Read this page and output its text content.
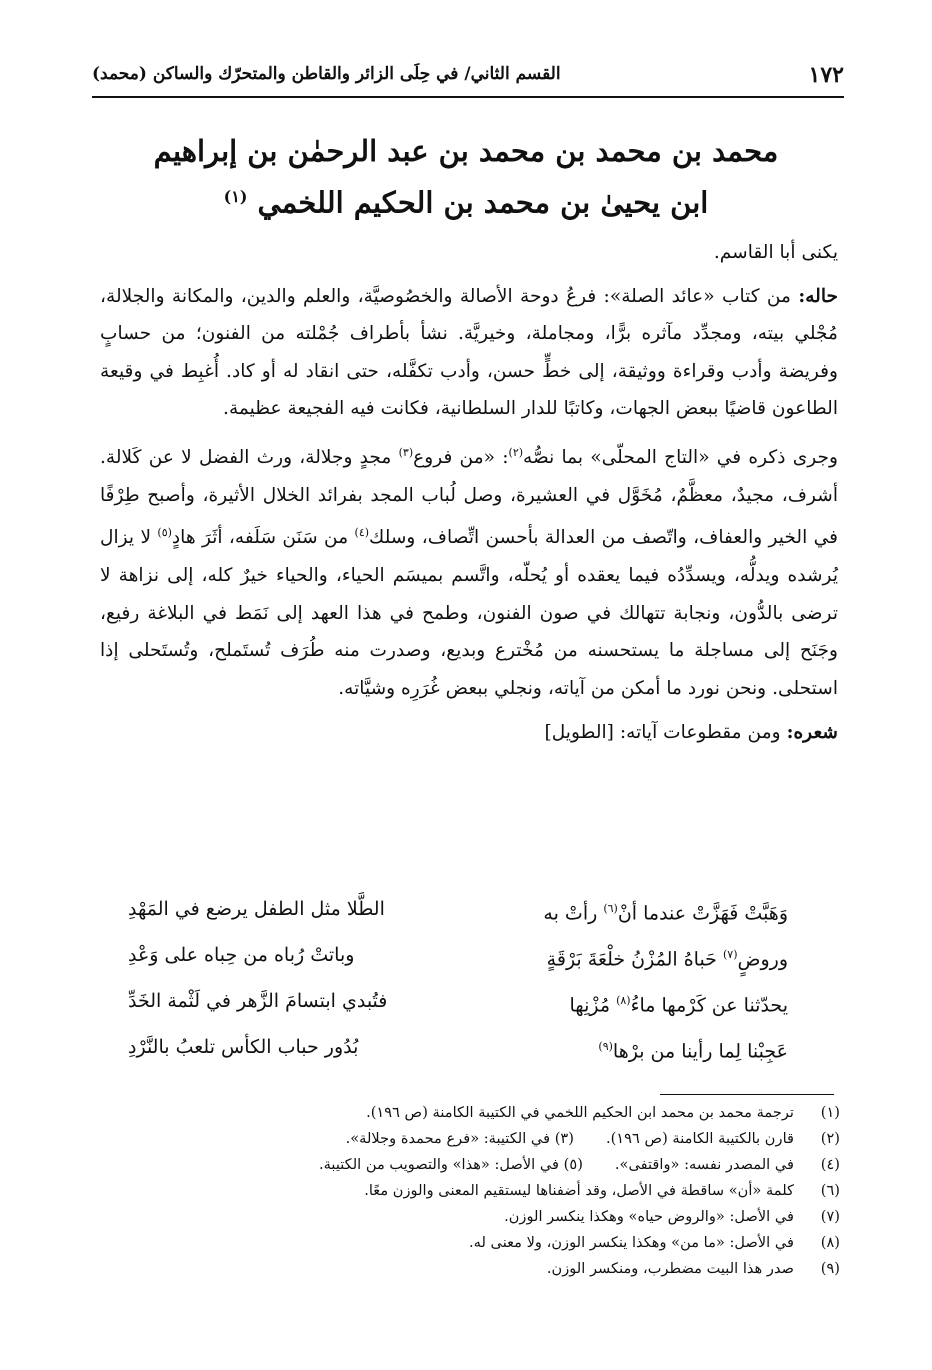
١٧٢
القسم الثاني/ في حِلَى الزائر والقاطن والمتحرّك والساكن (محمد)
محمد بن محمد بن محمد بن عبد الرحمٰن بن إبراهيم
ابن يحيىٰ بن محمد بن الحكيم اللخمي $^{(١)}$

يكنى أبا القاسم.

حاله: من كتاب «عائد الصلة»: فرعُ دوحة الأصالة والخصُوصيَّة، والعلم والدين، والمكانة والجلالة، مُجْلي بيته، ومجدِّد مآثره برًّا، ومجاملة، وخيريَّة. نشأ بأطراف جُمْلته من الفنون؛ من حسابٍ وفريضة وأدب وقراءة ووثيقة، إلى خطٍّ حسن، وأدب تكفَّله، حتى انقاد له أو كاد. أُغبِط في وقيعة الطاعون قاضيًا ببعض الجهات، وكاتبًا للدار السلطانية، فكانت فيه الفجيعة عظيمة.

وجرى ذكره في «التاج المحلّى» بما نصُّه$^{(٢)}$: «من فروع$^{(٣)}$ مجدٍ وجلالة، ورث الفضل لا عن كَلالة. أشرف، مجيدٌ، معظَّمٌ، مُخَوَّل في العشيرة، وصل لُباب المجد بفرائد الخلال الأثيرة، وأصبح طِرْفًا في الخير والعفاف، واتّصف من العدالة بأحسن اتِّصاف، وسلك$^{(٤)}$ من سَنَن سَلَفه، أثَرَ هادٍ$^{(٥)}$ لا يزال يُرشده ويدلُّه، ويسدِّدُه فيما يعقده أو يُحلّه، واتَّسم بميسَم الحياء، والحياء خيرٌ كله، إلى نزاهة لا ترضى بالدُّون، ونجابة تتهالك في صون الفنون، وطمح في هذا العهد إلى نَمَط في البلاغة رفيع، وجَنَح إلى مساجلة ما يستحسنه من مُخْترع وبديع، وصدرت منه طُرَف تُستَملح، وتُستَحلى إذا استحلى. ونحن نورد ما أمكن من آياته، ونجلي ببعض غُرَرِه وشيَّاته.

شعره: ومن مقطوعات آياته: [الطويل]

وَهَبَّتْ فَهَزَّتْ عندما أنْ$^{(٦)}$ رأتْ به
الطَّلا مثل الطفل يرضع في المَهْدِ
وروضٍ$^{(٧)}$ حَباهُ المُزْنُ خلْعَةَ بَرْقَةٍ
وباتتْ رُباه من حِباه على وَعْدِ
يحدّثنا عن كَرْمها ماءُ$^{(٨)}$ مُزْنِها
فتُبدي ابتسامَ الزَّهر في لَثْمة الخَدِّ
عَجِبْنا لِما رأينا من برْها$^{(٩)}$
بُدُور حباب الكأس تلعبُ بالنَّرْدِ
(١)
ترجمة محمد بن محمد ابن الحكيم اللخمي في الكتيبة الكامنة (ص ١٩٦).
(٢)
قارن بالكتيبة الكامنة (ص ١٩٦).(٣) في الكتيبة: «فرع محمدة وجلالة».
(٤)
في المصدر نفسه: «واقتفى».(٥) في الأصل: «هذا» والتصويب من الكتيبة.
(٦)
كلمة «أن» ساقطة في الأصل، وقد أضفناها ليستقيم المعنى والوزن معًا.
(٧)
في الأصل: «والروض حياه» وهكذا ينكسر الوزن.
(٨)
في الأصل: «ما من» وهكذا ينكسر الوزن، ولا معنى له.
(٩)
صدر هذا البيت مضطرب، ومنكسر الوزن.
